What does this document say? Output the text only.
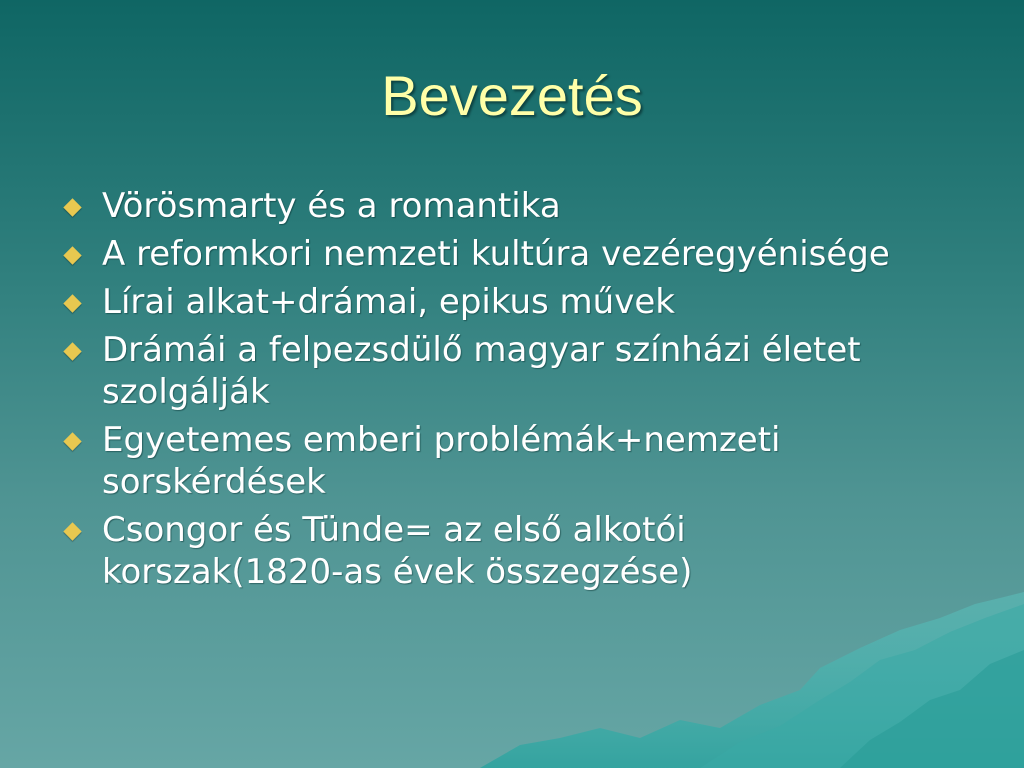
Bevezetés
Vörösmarty és a romantika
A reformkori nemzeti kultúra vezéregyénisége
Lírai alkat+drámai, epikus művek
Drámái a felpezsdülő magyar színházi életet szolgálják
Egyetemes emberi problémák+nemzeti sorskérdések
Csongor és Tünde= az első alkotói korszak(1820-as évek összegzése)
